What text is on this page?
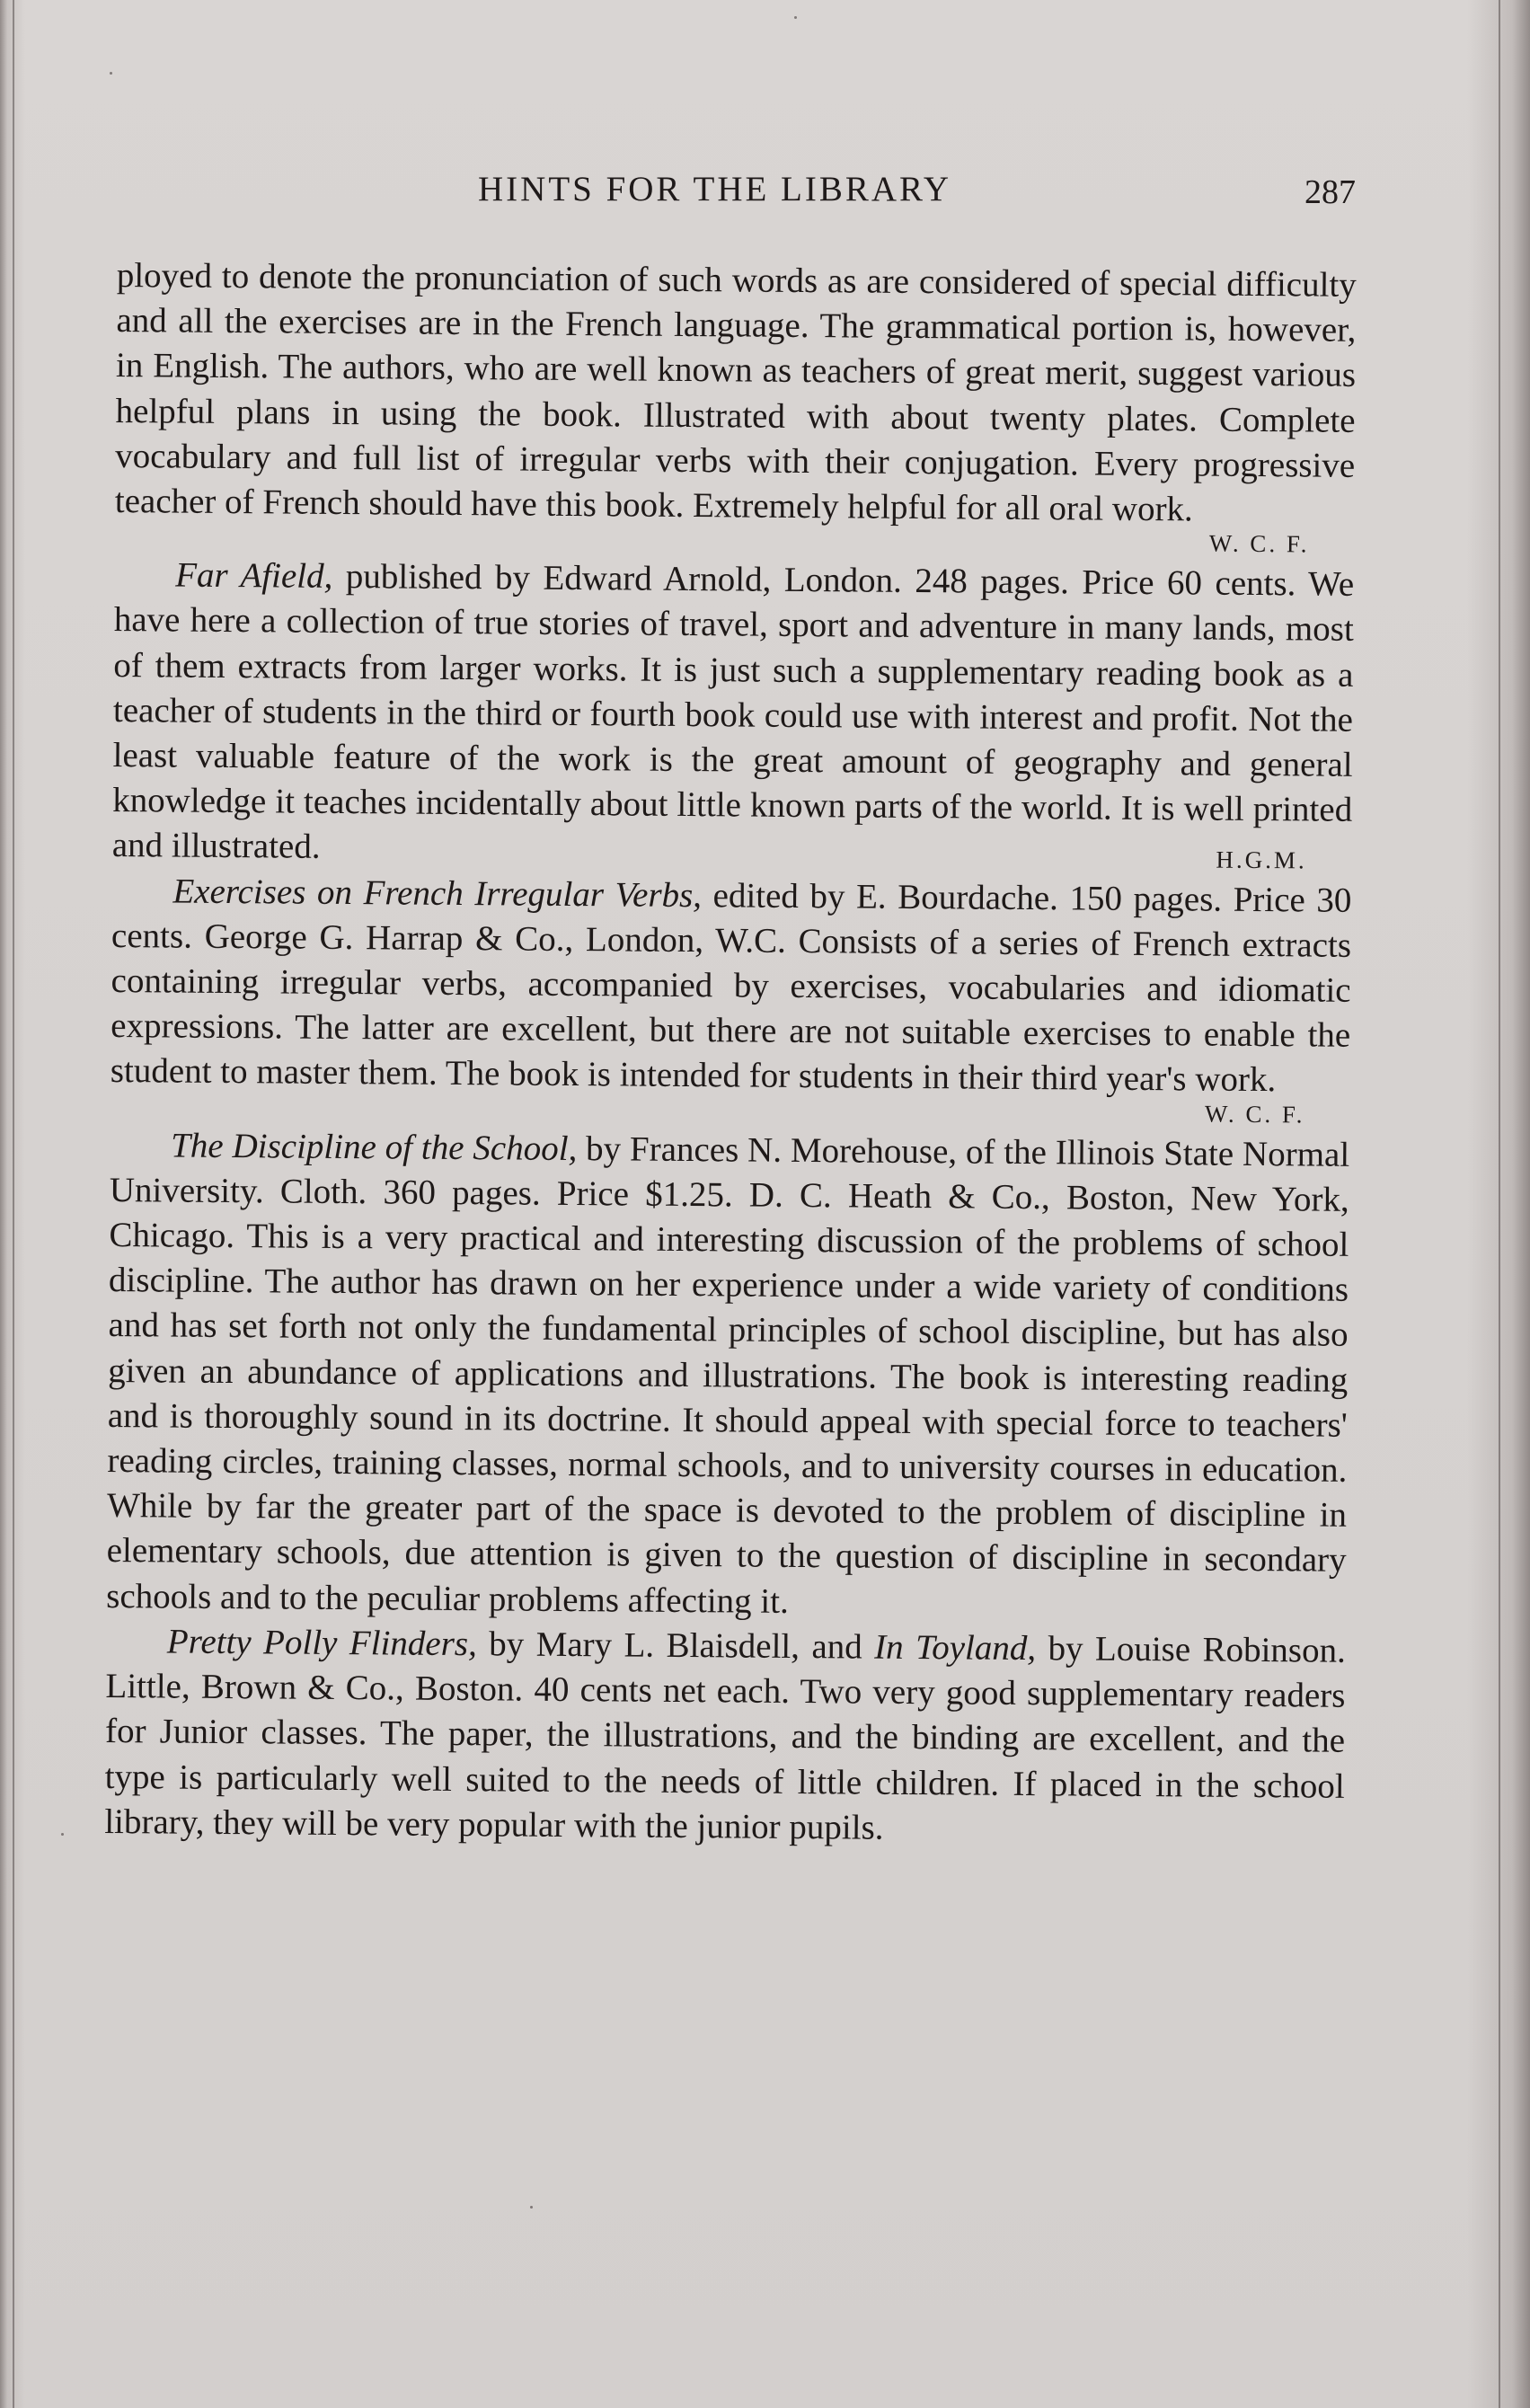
HINTS FOR THE LIBRARY	287

ployed to denote the pronunciation of such words as are considered of special difficulty and all the exercises are in the French language. The grammatical portion is, however, in English. The authors, who are well known as teachers of great merit, suggest various helpful plans in using the book. Illustrated with about twenty plates. Complete vocabulary and full list of irregular verbs with their conjugation. Every progressive teacher of French should have this book. Extremely helpful for all oral work.

W. C. F.

Far Afield, published by Edward Arnold, London. 248 pages. Price 60 cents. We have here a collection of true stories of travel, sport and adventure in many lands, most of them extracts from larger works. It is just such a supplementary reading book as a teacher of students in the third or fourth book could use with interest and profit. Not the least valuable feature of the work is the great amount of geography and general knowledge it teaches incidentally about little known parts of the world. It is well printed and illustrated.	H.G.M.

Exercises on French Irregular Verbs, edited by E. Bourdache. 150 pages. Price 30 cents. George G. Harrap & Co., London, W.C. Consists of a series of French extracts containing irregular verbs, accompanied by exercises, vocabularies and idiomatic expressions. The latter are excellent, but there are not suitable exercises to enable the student to master them. The book is intended for students in their third year's work.

W. C. F.

The Discipline of the School, by Frances N. Morehouse, of the Illinois State Normal University. Cloth. 360 pages. Price $1.25. D. C. Heath & Co., Boston, New York, Chicago. This is a very practical and interesting discussion of the problems of school discipline. The author has drawn on her experience under a wide variety of conditions and has set forth not only the fundamental principles of school discipline, but has also given an abundance of applications and illustrations. The book is interesting reading and is thoroughly sound in its doctrine. It should appeal with special force to teachers' reading circles, training classes, normal schools, and to university courses in education. While by far the greater part of the space is devoted to the problem of discipline in elementary schools, due attention is given to the question of discipline in secondary schools and to the peculiar problems affecting it.

Pretty Polly Flinders, by Mary L. Blaisdell, and In Toyland, by Louise Robinson. Little, Brown & Co., Boston. 40 cents net each. Two very good supplementary readers for Junior classes. The paper, the illustrations, and the binding are excellent, and the type is particularly well suited to the needs of little children. If placed in the school library, they will be very popular with the junior pupils.
